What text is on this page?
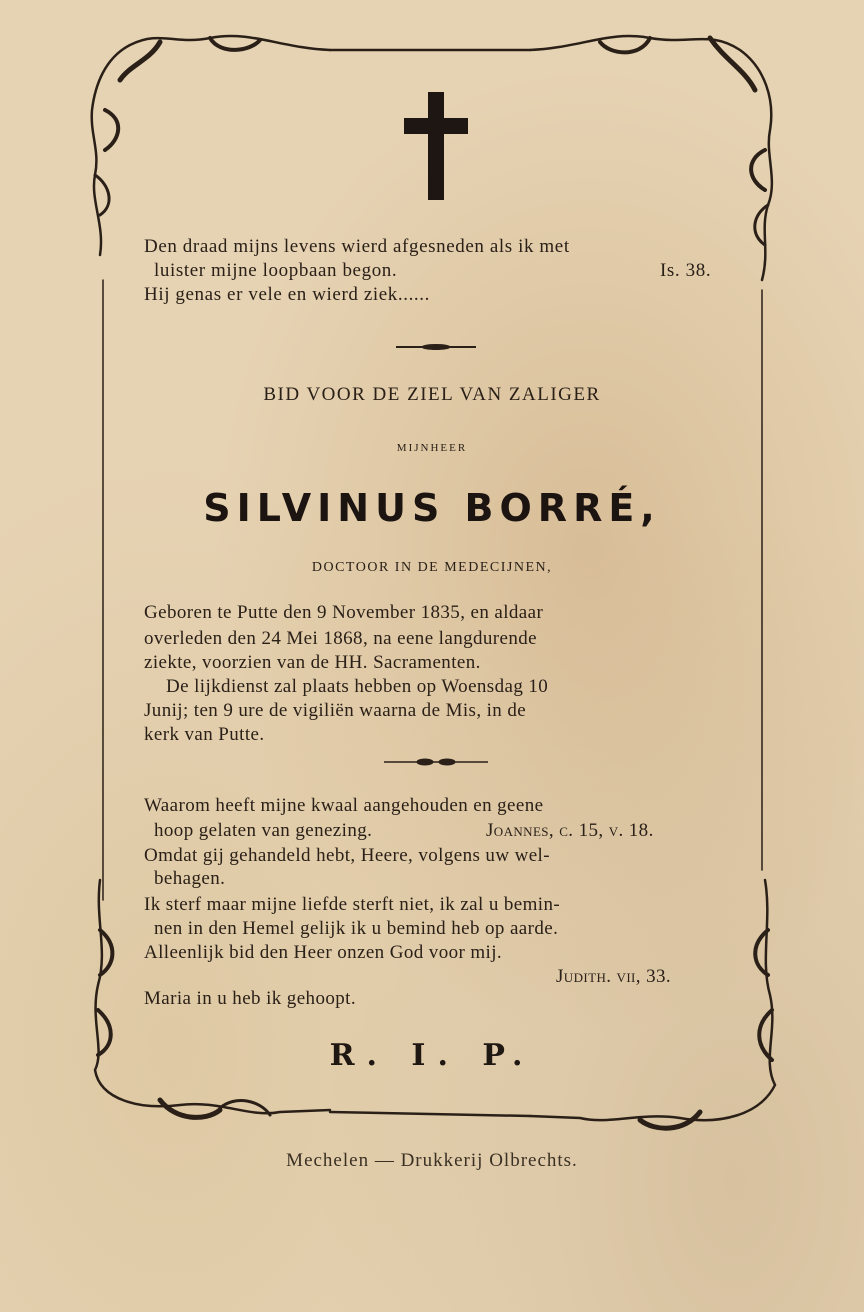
Den draad mijns levens wierd afgesneden als ik met
luister mijne loopbaan begon.	Is. 38.
Hij genas er vele en wierd ziek......
BID VOOR DE ZIEL VAN ZALIGER
MIJNHEER
SILVINUS BORRÉ,
DOCTOOR IN DE MEDECIJNEN,
Geboren te Putte den 9 November 1835, en aldaar
overleden den 24 Mei 1868, na eene langdurende
ziekte, voorzien van de HH. Sacramenten.
De lijkdienst zal plaats hebben op Woensdag 10
Junij; ten 9 ure de vigiliën waarna de Mis, in de
kerk van Putte.
Waarom heeft mijne kwaal aangehouden en geene
hoop gelaten van genezing.	Joannes, c. 15, v. 18.
Omdat gij gehandeld hebt, Heere, volgens uw wel-
behagen.
Ik sterf maar mijne liefde sterft niet, ik zal u bemin-
nen in den Hemel gelijk ik u bemind heb op aarde.
Alleenlijk bid den Heer onzen God voor mij.
Judith. vii, 33.
Maria in u heb ik gehoopt.
R. I. P.
Mechelen — Drukkerij Olbrechts.
